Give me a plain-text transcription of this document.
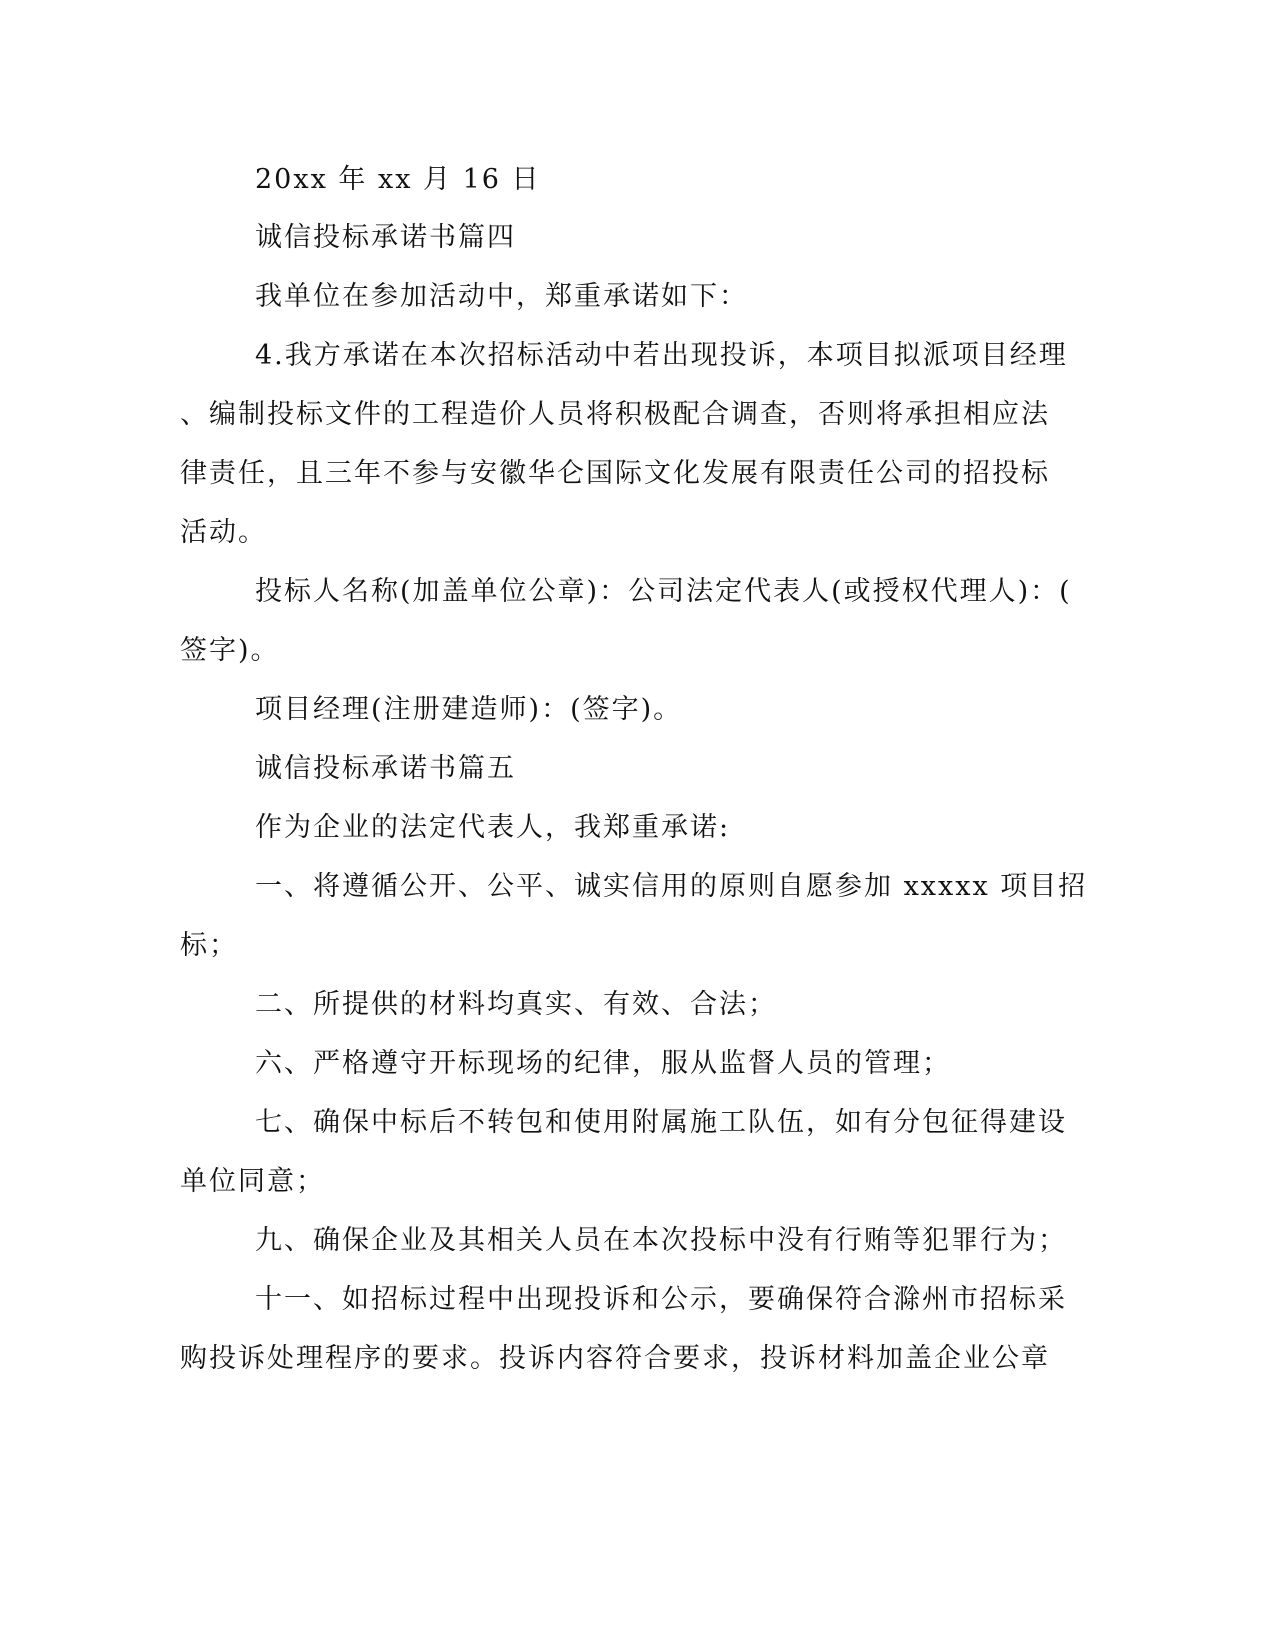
20xx 年 xx 月 16 日
诚信投标承诺书篇四
我单位在参加活动中，郑重承诺如下：
4.我方承诺在本次招标活动中若出现投诉，本项目拟派项目经理
、编制投标文件的工程造价人员将积极配合调查，否则将承担相应法
律责任，且三年不参与安徽华仑国际文化发展有限责任公司的招投标
活动。
投标人名称(加盖单位公章)：公司法定代表人(或授权代理人)：(
签字)。
项目经理(注册建造师)：(签字)。
诚信投标承诺书篇五
作为企业的法定代表人，我郑重承诺:
一、将遵循公开、公平、诚实信用的原则自愿参加 xxxxx 项目招
标；
二、所提供的材料均真实、有效、合法；
六、严格遵守开标现场的纪律，服从监督人员的管理；
七、确保中标后不转包和使用附属施工队伍，如有分包征得建设
单位同意；
九、确保企业及其相关人员在本次投标中没有行贿等犯罪行为；
十一、如招标过程中出现投诉和公示，要确保符合滁州市招标采
购投诉处理程序的要求。投诉内容符合要求，投诉材料加盖企业公章
